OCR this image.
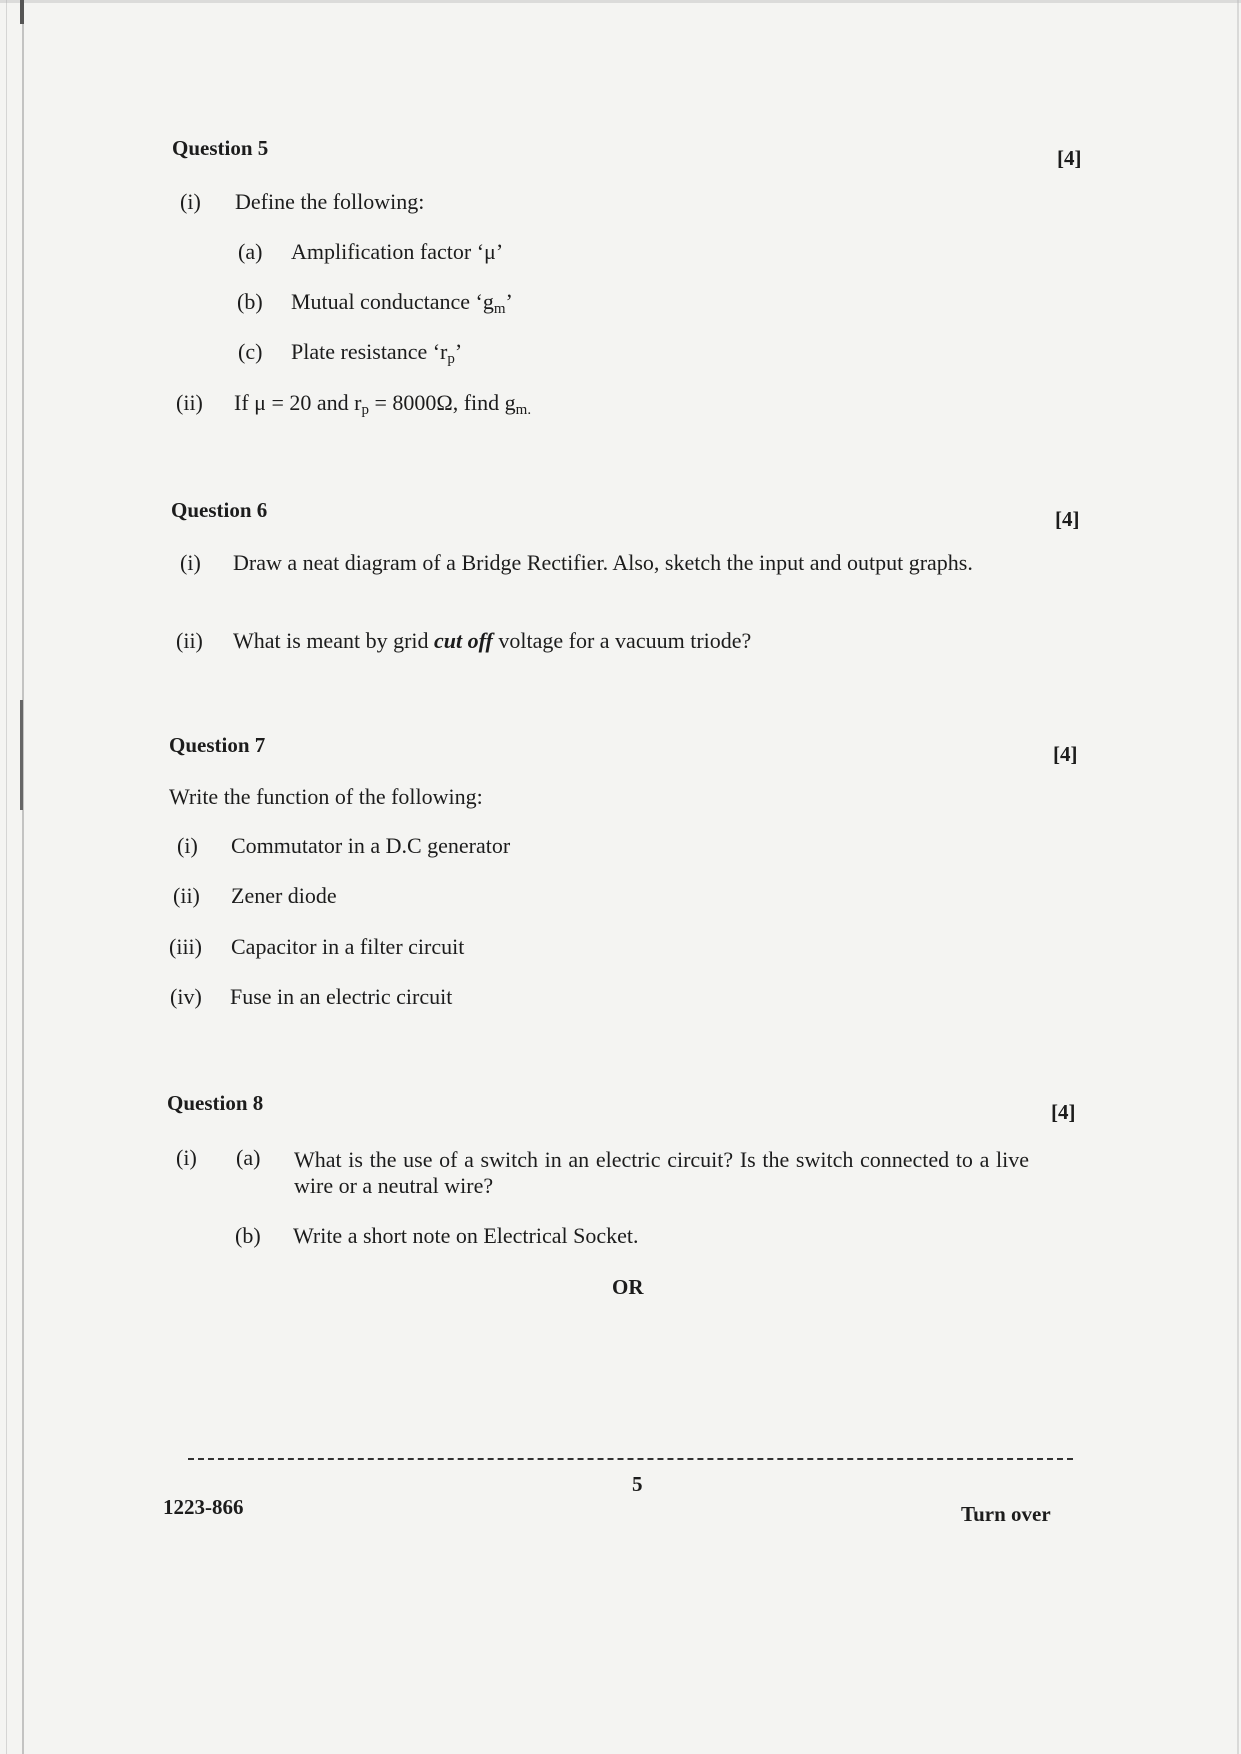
Question 5	[4]
(i) Define the following:
(a) Amplification factor ‘μ’
(b) Mutual conductance ‘$g_m$’
(c) Plate resistance ‘$r_p$’
(ii) If μ = 20 and $r_p = 8000\Omega$, find $g_{m.}$
Question 6	[4]
(i) Draw a neat diagram of a Bridge Rectifier. Also, sketch the input and output graphs.
(ii) What is meant by grid cut off voltage for a vacuum triode?
Question 7	[4]
Write the function of the following:
(i) Commutator in a D.C generator
(ii) Zener diode
(iii) Capacitor in a filter circuit
(iv) Fuse in an electric circuit
Question 8	[4]
(i) (a) What is the use of a switch in an electric circuit? Is the switch connected to a live wire or a neutral wire?
(b) Write a short note on Electrical Socket.
OR
5
1223-866	Turn over
